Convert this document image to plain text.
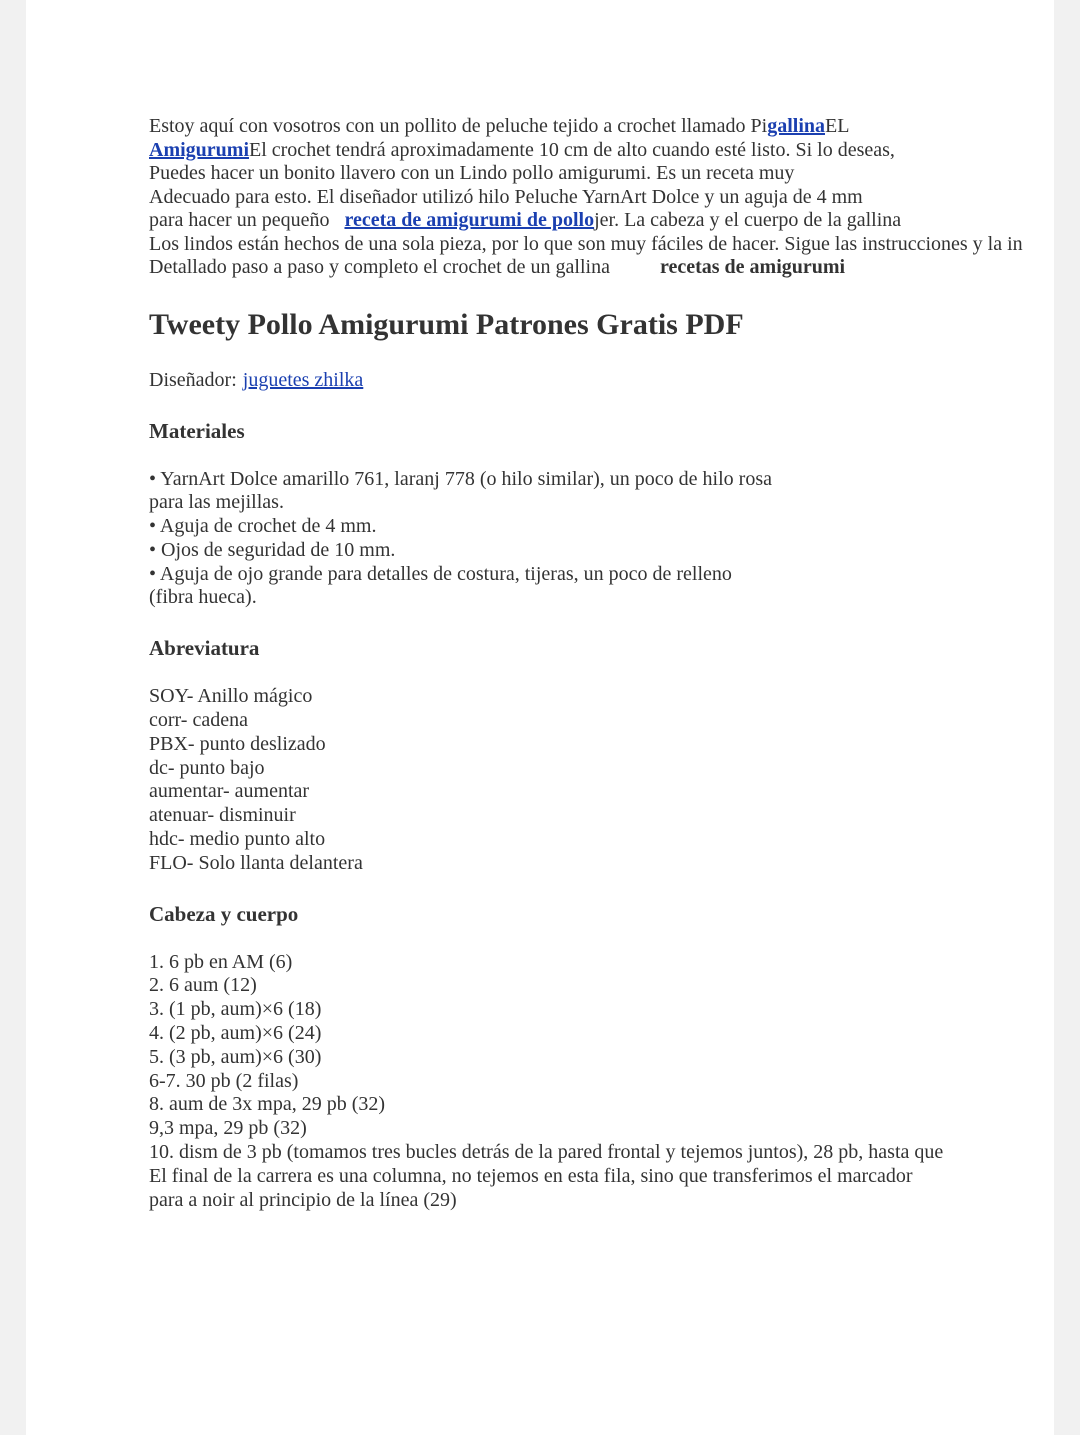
Estoy aquí con vosotros con un pollito de peluche tejido a crochet llamado PigallinaEL
AmigurumiEl crochet tendrá aproximadamente 10 cm de alto cuando esté listo. Si lo deseas,
Puedes hacer un bonito llavero con un Lindo pollo amigurumi. Es un receta muy
Adecuado para esto. El diseñador utilizó hilo Peluche YarnArt Dolce y un aguja de 4 mm
para hacer un pequeño receta de amigurumi de pollojer. La cabeza y el cuerpo de la gallina
Los lindos están hechos de una sola pieza, por lo que son muy fáciles de hacer. Sigue las instrucciones y la in
Detallado paso a paso y completo el crochet de un gallina	recetas de amigurumi
Tweety Pollo Amigurumi Patrones Gratis PDF
Diseñador: juguetes zhilka
Materiales
• YarnArt Dolce amarillo 761, laranj 778 (o hilo similar), un poco de hilo rosa
para las mejillas.
• Aguja de crochet de 4 mm.
• Ojos de seguridad de 10 mm.
• Aguja de ojo grande para detalles de costura, tijeras, un poco de relleno
(fibra hueca).
Abreviatura
SOY- Anillo mágico
corr- cadena
PBX- punto deslizado
dc- punto bajo
aumentar- aumentar
atenuar- disminuir
hdc- medio punto alto
FLO- Solo llanta delantera
Cabeza y cuerpo
1. 6 pb en AM (6)
2. 6 aum (12)
3. (1 pb, aum)×6 (18)
4. (2 pb, aum)×6 (24)
5. (3 pb, aum)×6 (30)
6-7. 30 pb (2 filas)
8. aum de 3x mpa, 29 pb (32)
9,3 mpa, 29 pb (32)
10. dism de 3 pb (tomamos tres bucles detrás de la pared frontal y tejemos juntos), 28 pb, hasta que
El final de la carrera es una columna, no tejemos en esta fila, sino que transferimos el marcador
para a noir al principio de la línea (29)
